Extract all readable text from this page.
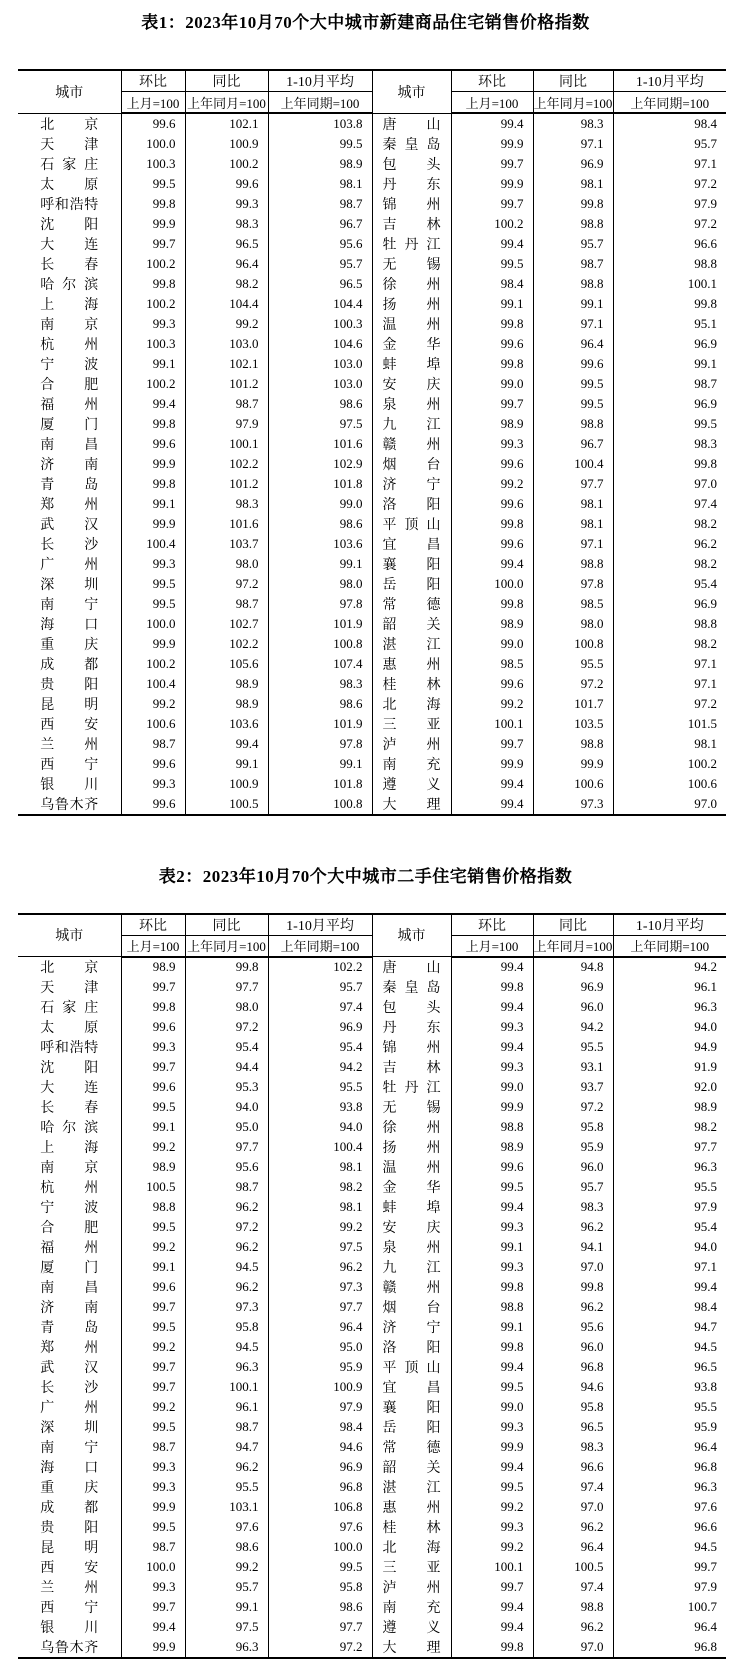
表1：2023年10月70个大中城市新建商品住宅销售价格指数
城市	环比	同比	1-10月平均	城市	环比	同比	1-10月平均
	上月=100	上年同月=100	上年同期=100		上月=100	上年同月=100	上年同期=100
北京	99.6	102.1	103.8	唐山	99.4	98.3	98.4
天津	100.0	100.9	99.5	秦皇岛	99.9	97.1	95.7
石家庄	100.3	100.2	98.9	包头	99.7	96.9	97.1
太原	99.5	99.6	98.1	丹东	99.9	98.1	97.2
呼和浩特	99.8	99.3	98.7	锦州	99.7	99.8	97.9
沈阳	99.9	98.3	96.7	吉林	100.2	98.8	97.2
大连	99.7	96.5	95.6	牡丹江	99.4	95.7	96.6
长春	100.2	96.4	95.7	无锡	99.5	98.7	98.8
哈尔滨	99.8	98.2	96.5	徐州	98.4	98.8	100.1
上海	100.2	104.4	104.4	扬州	99.1	99.1	99.8
南京	99.3	99.2	100.3	温州	99.8	97.1	95.1
杭州	100.3	103.0	104.6	金华	99.6	96.4	96.9
宁波	99.1	102.1	103.0	蚌埠	99.8	99.6	99.1
合肥	100.2	101.2	103.0	安庆	99.0	99.5	98.7
福州	99.4	98.7	98.6	泉州	99.7	99.5	96.9
厦门	99.8	97.9	97.5	九江	98.9	98.8	99.5
南昌	99.6	100.1	101.6	赣州	99.3	96.7	98.3
济南	99.9	102.2	102.9	烟台	99.6	100.4	99.8
青岛	99.8	101.2	101.8	济宁	99.2	97.7	97.0
郑州	99.1	98.3	99.0	洛阳	99.6	98.1	97.4
武汉	99.9	101.6	98.6	平顶山	99.8	98.1	98.2
长沙	100.4	103.7	103.6	宜昌	99.6	97.1	96.2
广州	99.3	98.0	99.1	襄阳	99.4	98.8	98.2
深圳	99.5	97.2	98.0	岳阳	100.0	97.8	95.4
南宁	99.5	98.7	97.8	常德	99.8	98.5	96.9
海口	100.0	102.7	101.9	韶关	98.9	98.0	98.8
重庆	99.9	102.2	100.8	湛江	99.0	100.8	98.2
成都	100.2	105.6	107.4	惠州	98.5	95.5	97.1
贵阳	100.4	98.9	98.3	桂林	99.6	97.2	97.1
昆明	99.2	98.9	98.6	北海	99.2	101.7	97.2
西安	100.6	103.6	101.9	三亚	100.1	103.5	101.5
兰州	98.7	99.4	97.8	泸州	99.7	98.8	98.1
西宁	99.6	99.1	99.1	南充	99.9	99.9	100.2
银川	99.3	100.9	101.8	遵义	99.4	100.6	100.6
乌鲁木齐	99.6	100.5	100.8	大理	99.4	97.3	97.0
表2：2023年10月70个大中城市二手住宅销售价格指数
城市	环比	同比	1-10月平均	城市	环比	同比	1-10月平均
	上月=100	上年同月=100	上年同期=100		上月=100	上年同月=100	上年同期=100
北京	98.9	99.8	102.2	唐山	99.4	94.8	94.2
天津	99.7	97.7	95.7	秦皇岛	99.8	96.9	96.1
石家庄	99.8	98.0	97.4	包头	99.4	96.0	96.3
太原	99.6	97.2	96.9	丹东	99.3	94.2	94.0
呼和浩特	99.3	95.4	95.4	锦州	99.4	95.5	94.9
沈阳	99.7	94.4	94.2	吉林	99.3	93.1	91.9
大连	99.6	95.3	95.5	牡丹江	99.0	93.7	92.0
长春	99.5	94.0	93.8	无锡	99.9	97.2	98.9
哈尔滨	99.1	95.0	94.0	徐州	98.8	95.8	98.2
上海	99.2	97.7	100.4	扬州	98.9	95.9	97.7
南京	98.9	95.6	98.1	温州	99.6	96.0	96.3
杭州	100.5	98.7	98.2	金华	99.5	95.7	95.5
宁波	98.8	96.2	98.1	蚌埠	99.4	98.3	97.9
合肥	99.5	97.2	99.2	安庆	99.3	96.2	95.4
福州	99.2	96.2	97.5	泉州	99.1	94.1	94.0
厦门	99.1	94.5	96.2	九江	99.3	97.0	97.1
南昌	99.6	96.2	97.3	赣州	99.8	99.8	99.4
济南	99.7	97.3	97.7	烟台	98.8	96.2	98.4
青岛	99.5	95.8	96.4	济宁	99.1	95.6	94.7
郑州	99.2	94.5	95.0	洛阳	99.8	96.0	94.5
武汉	99.7	96.3	95.9	平顶山	99.4	96.8	96.5
长沙	99.7	100.1	100.9	宜昌	99.5	94.6	93.8
广州	99.2	96.1	97.9	襄阳	99.0	95.8	95.5
深圳	99.5	98.7	98.4	岳阳	99.3	96.5	95.9
南宁	98.7	94.7	94.6	常德	99.9	98.3	96.4
海口	99.3	96.2	96.9	韶关	99.4	96.6	96.8
重庆	99.3	95.5	96.8	湛江	99.5	97.4	96.3
成都	99.9	103.1	106.8	惠州	99.2	97.0	97.6
贵阳	99.5	97.6	97.6	桂林	99.3	96.2	96.6
昆明	98.7	98.6	100.0	北海	99.2	96.4	94.5
西安	100.0	99.2	99.5	三亚	100.1	100.5	99.7
兰州	99.3	95.7	95.8	泸州	99.7	97.4	97.9
西宁	99.7	99.1	98.6	南充	99.4	98.8	100.7
银川	99.4	97.5	97.7	遵义	99.4	96.2	96.4
乌鲁木齐	99.9	96.3	97.2	大理	99.8	97.0	96.8
